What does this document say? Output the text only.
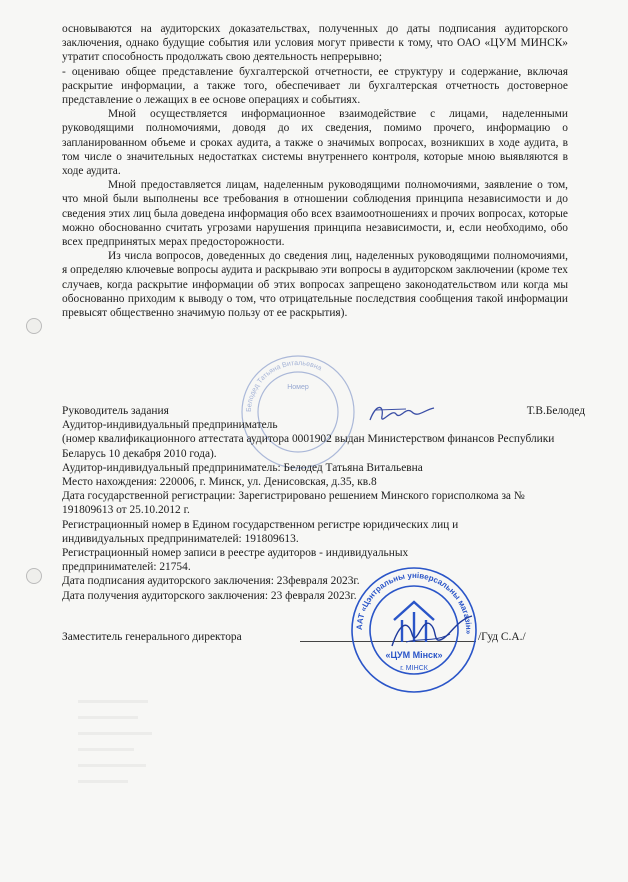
основываются на аудиторских доказательствах, полученных до даты подписания аудиторского заключения, однако будущие события или условия могут привести к тому, что ОАО «ЦУМ МИНСК» утратит способность продолжать свою деятельность непрерывно;

- оцениваю общее представление бухгалтерской отчетности, ее структуру и содержание, включая раскрытие информации, а также того, обеспечивает ли бухгалтерская отчетность достоверное представление о лежащих в ее основе операциях и событиях.

Мной осуществляется информационное взаимодействие с лицами, наделенными руководящими полномочиями, доводя до их сведения, помимо прочего, информацию о запланированном объеме и сроках аудита, а также о значимых вопросах, возникших в ходе аудита, в том числе о значительных недостатках системы внутреннего контроля, которые мною выявляются в ходе аудита.

Мной предоставляется лицам, наделенным руководящими полномочиями, заявление о том, что мной были выполнены все требования в отношении соблюдения принципа независимости и до сведения этих лиц была доведена информация обо всех взаимоотношениях и прочих вопросах, которые можно обоснованно считать угрозами нарушения принципа независимости, и, если необходимо, обо всех предпринятых мерах предосторожности.

Из числа вопросов, доведенных до сведения лиц, наделенных руководящими полномочиями, я определяю ключевые вопросы аудита и раскрываю эти вопросы в аудиторском заключении (кроме тех случаев, когда раскрытие информации об этих вопросах запрещено законодательством или когда мы обоснованно приходим к выводу о том, что отрицательные последствия сообщения такой информации превысят общественно значимую пользу от ее раскрытия).

Белодед Татьяна Витальевна
Номер
Руководитель задания	Т.В.Белодед
Аудитор-индивидуальный предприниматель
(номер квалификационного аттестата аудитора 0001902 выдан Министерством финансов Республики Беларусь 10 декабря 2010 года).
Аудитор-индивидуальный предприниматель: Белодед Татьяна Витальевна
Место нахождения: 220006, г. Минск, ул. Денисовская, д.35, кв.8
Дата государственной регистрации: Зарегистрировано решением Минского горисполкома за № 191809613 от 25.10.2012 г.
Регистрационный номер в Едином государственном регистре юридических лиц и индивидуальных предпринимателей: 191809613.
Регистрационный номер записи в реестре аудиторов - индивидуальных предпринимателей: 21754.
Дата подписания аудиторского заключения: 23февраля 2023г.
Дата получения аудиторского заключения: 23 февраля 2023г.
Заместитель генерального директора	/Гуд С.А./
ААТ «Цэнтральны універсальны магазін»
«ЦУМ Мінск»
г. МІНСК
